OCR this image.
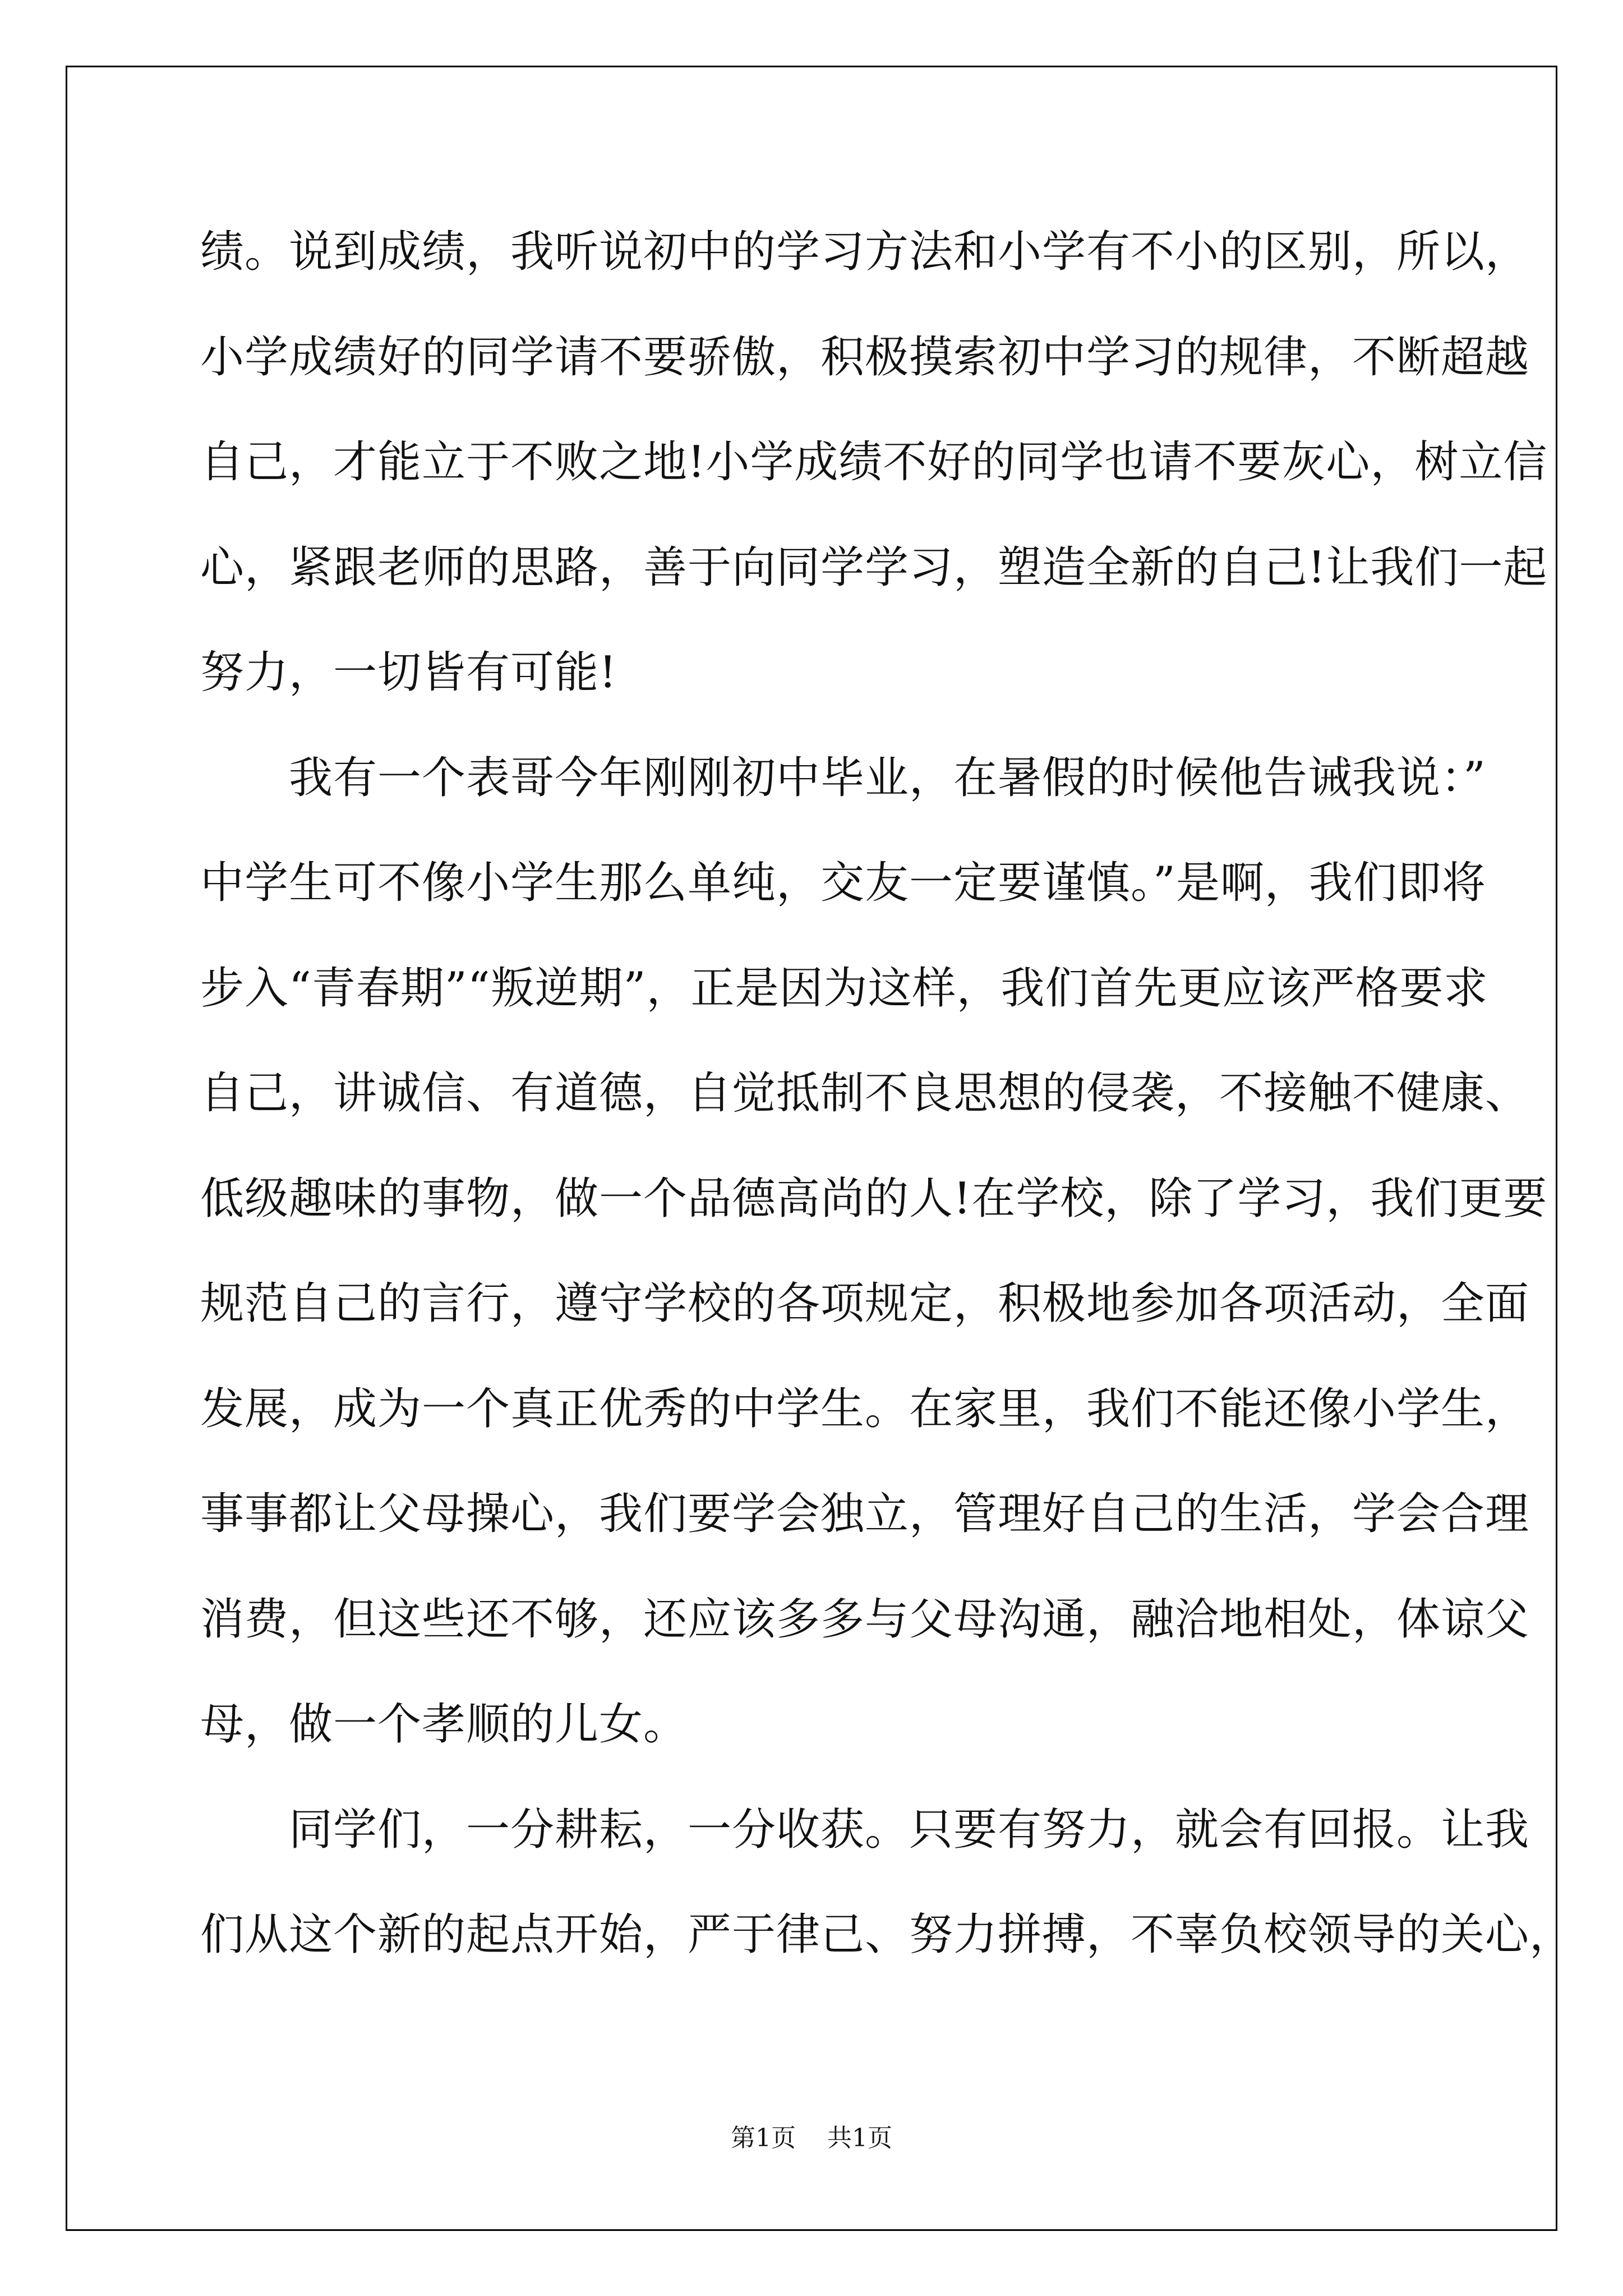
绩。说到成绩，我听说初中的学习方法和小学有不小的区别，所以，
小学成绩好的同学请不要骄傲，积极摸索初中学习的规律，不断超越
自己，才能立于不败之地!小学成绩不好的同学也请不要灰心，树立信
心，紧跟老师的思路，善于向同学学习，塑造全新的自己!让我们一起
努力，一切皆有可能!
　　我有一个表哥今年刚刚初中毕业，在暑假的时候他告诫我说：”
中学生可不像小学生那么单纯，交友一定要谨慎。”是啊，我们即将
步入“青春期”“叛逆期”，正是因为这样，我们首先更应该严格要求
自己，讲诚信、有道德，自觉抵制不良思想的侵袭，不接触不健康、
低级趣味的事物，做一个品德高尚的人!在学校，除了学习，我们更要
规范自己的言行，遵守学校的各项规定，积极地参加各项活动，全面
发展，成为一个真正优秀的中学生。在家里，我们不能还像小学生，
事事都让父母操心，我们要学会独立，管理好自己的生活，学会合理
消费，但这些还不够，还应该多多与父母沟通，融洽地相处，体谅父
母，做一个孝顺的儿女。
　　同学们，一分耕耘，一分收获。只要有努力，就会有回报。让我
们从这个新的起点开始，严于律己、努力拼搏，不辜负校领导的关心，
第1页 共1页
